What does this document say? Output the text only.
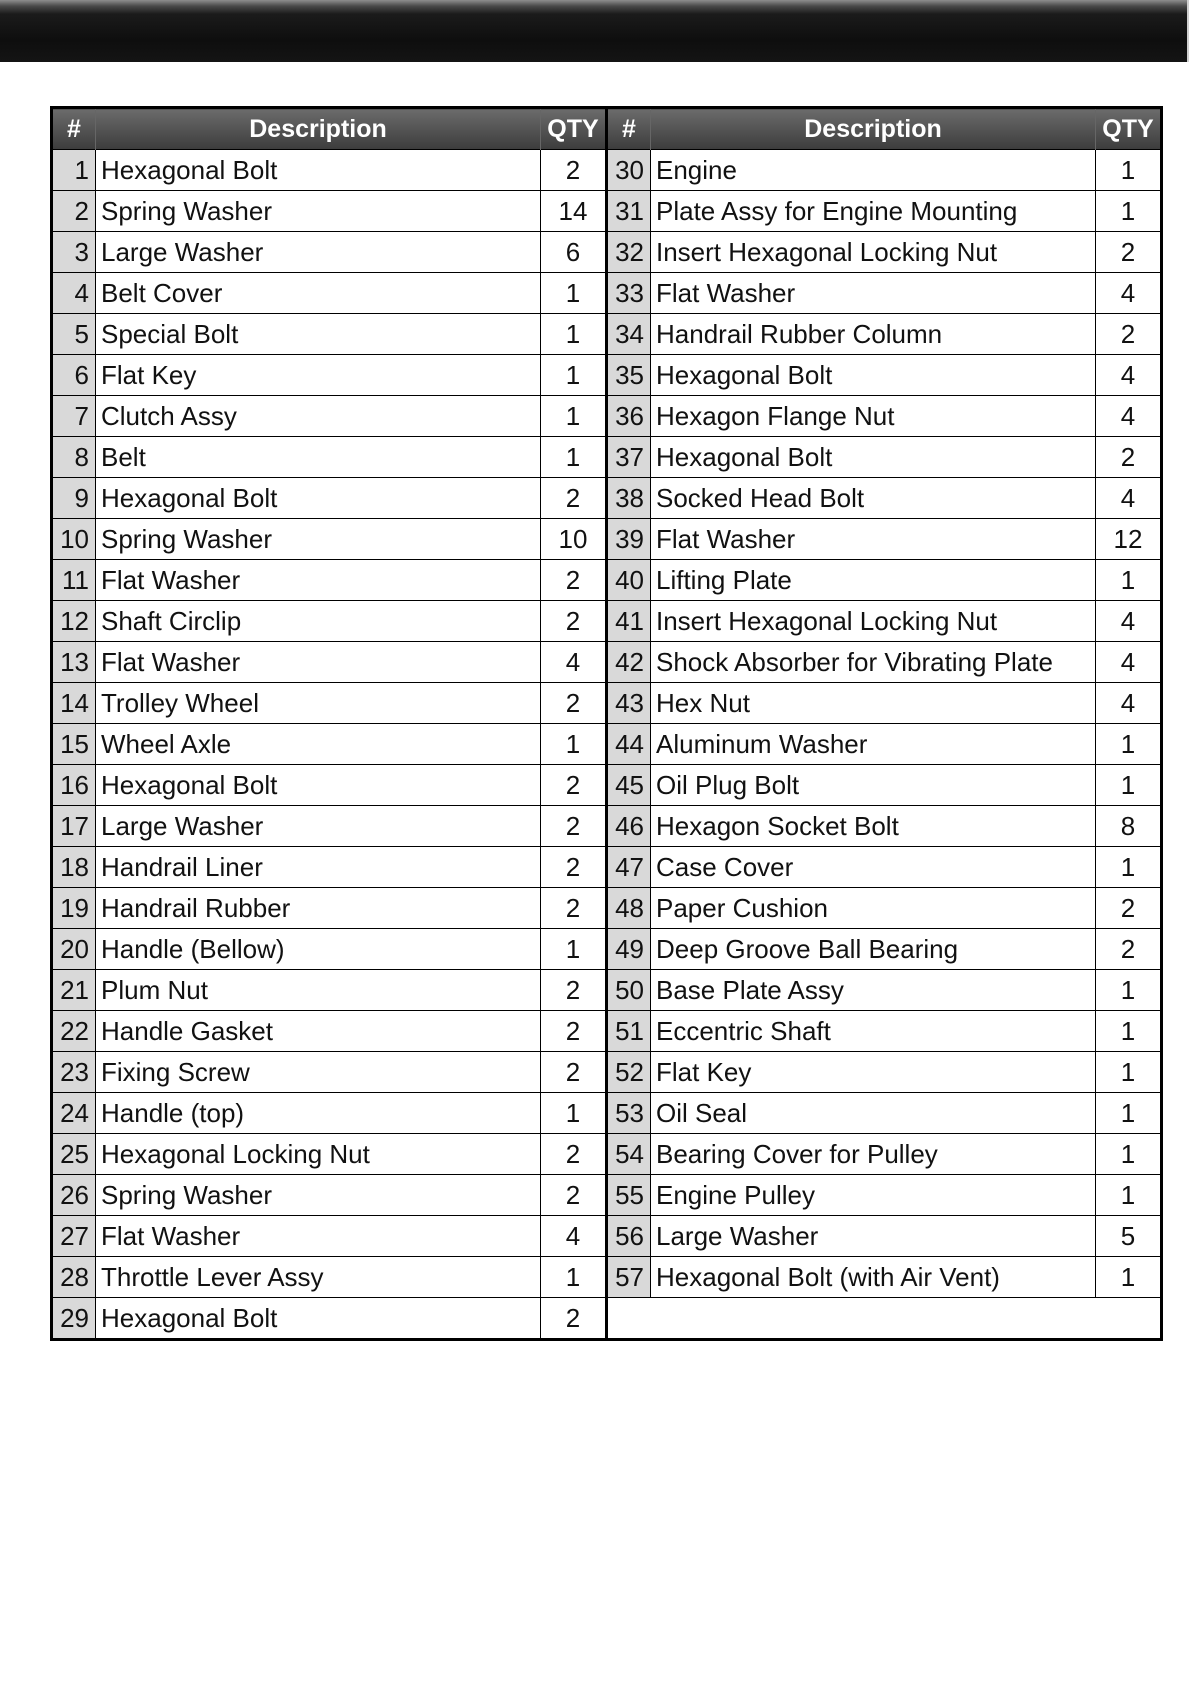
#	Description	QTY	#	Description	QTY
1	Hexagonal Bolt	2	30	Engine	1
2	Spring Washer	14	31	Plate Assy for Engine Mounting	1
3	Large Washer	6	32	Insert Hexagonal Locking Nut	2
4	Belt Cover	1	33	Flat Washer	4
5	Special Bolt	1	34	Handrail Rubber Column	2
6	Flat Key	1	35	Hexagonal Bolt	4
7	Clutch Assy	1	36	Hexagon Flange Nut	4
8	Belt	1	37	Hexagonal Bolt	2
9	Hexagonal Bolt	2	38	Socked Head Bolt	4
10	Spring Washer	10	39	Flat Washer	12
11	Flat Washer	2	40	Lifting Plate	1
12	Shaft Circlip	2	41	Insert Hexagonal Locking Nut	4
13	Flat Washer	4	42	Shock Absorber for Vibrating Plate	4
14	Trolley Wheel	2	43	Hex Nut	4
15	Wheel Axle	1	44	Aluminum Washer	1
16	Hexagonal Bolt	2	45	Oil Plug Bolt	1
17	Large Washer	2	46	Hexagon Socket Bolt	8
18	Handrail Liner	2	47	Case Cover	1
19	Handrail Rubber	2	48	Paper Cushion	2
20	Handle (Bellow)	1	49	Deep Groove Ball Bearing	2
21	Plum Nut	2	50	Base Plate Assy	1
22	Handle Gasket	2	51	Eccentric Shaft	1
23	Fixing Screw	2	52	Flat Key	1
24	Handle (top)	1	53	Oil Seal	1
25	Hexagonal Locking Nut	2	54	Bearing Cover for Pulley	1
26	Spring Washer	2	55	Engine Pulley	1
27	Flat Washer	4	56	Large Washer	5
28	Throttle Lever Assy	1	57	Hexagonal Bolt (with Air Vent)	1
29	Hexagonal Bolt	2			
